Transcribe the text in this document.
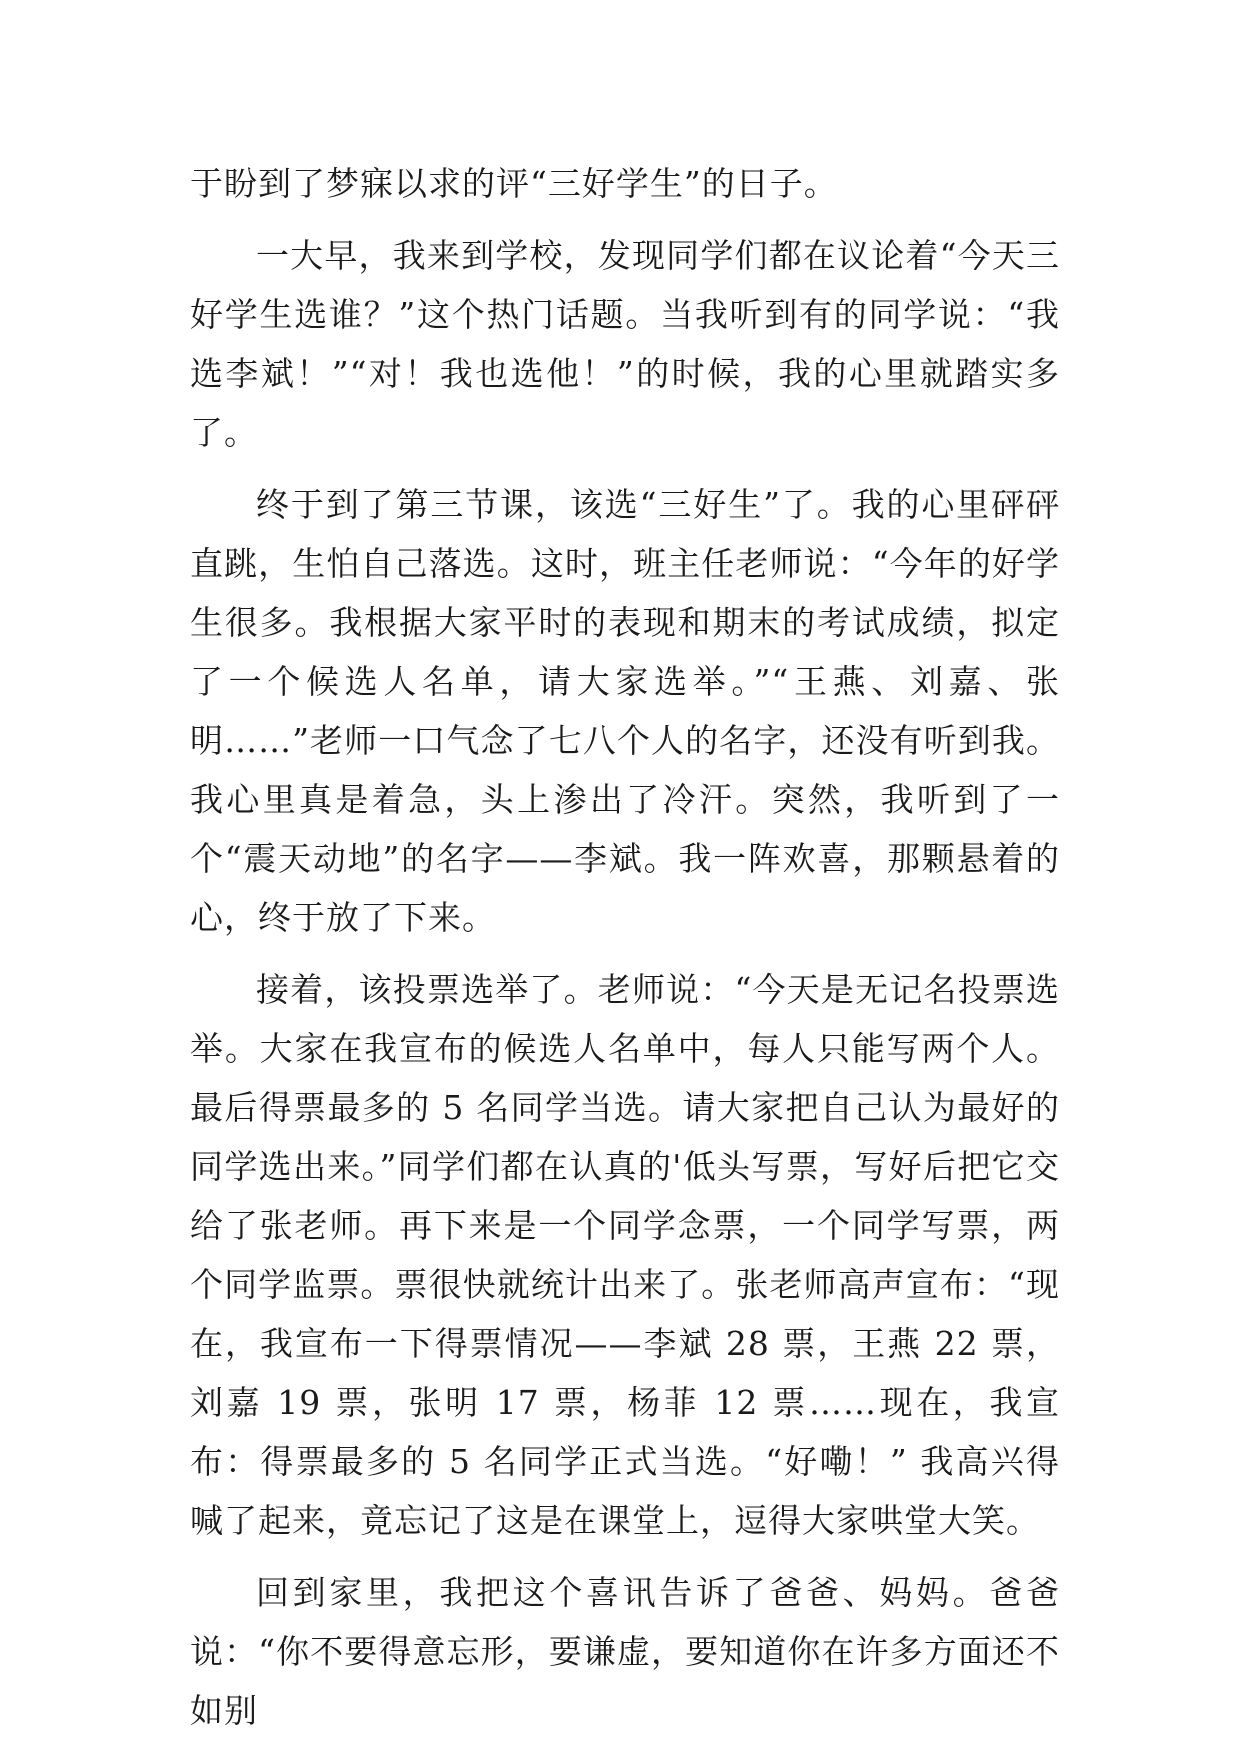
于盼到了梦寐以求的评“三好学生”的日子。

一大早，我来到学校，发现同学们都在议论着“今天三好学生选谁？”这个热门话题。当我听到有的同学说：“我选李斌！”“对！我也选他！”的时候，我的心里就踏实多了。

终于到了第三节课，该选“三好生”了。我的心里砰砰直跳，生怕自己落选。这时，班主任老师说：“今年的好学生很多。我根据大家平时的表现和期末的考试成绩，拟定了一个候选人名单，请大家选举。”“王燕、刘嘉、张明……”老师一口气念了七八个人的名字，还没有听到我。我心里真是着急，头上渗出了冷汗。突然，我听到了一个“震天动地”的名字——李斌。我一阵欢喜，那颗悬着的心，终于放了下来。

接着，该投票选举了。老师说：“今天是无记名投票选举。大家在我宣布的候选人名单中，每人只能写两个人。最后得票最多的 5 名同学当选。请大家把自己认为最好的同学选出来。”同学们都在认真的'低头写票，写好后把它交给了张老师。再下来是一个同学念票，一个同学写票，两个同学监票。票很快就统计出来了。张老师高声宣布：“现在，我宣布一下得票情况——李斌 28 票，王燕 22 票，刘嘉 19 票，张明 17 票，杨菲 12 票……现在，我宣布：得票最多的 5 名同学正式当选。“好嘞！” 我高兴得喊了起来，竟忘记了这是在课堂上，逗得大家哄堂大笑。

回到家里，我把这个喜讯告诉了爸爸、妈妈。爸爸说：“你不要得意忘形，要谦虚，要知道你在许多方面还不如别
